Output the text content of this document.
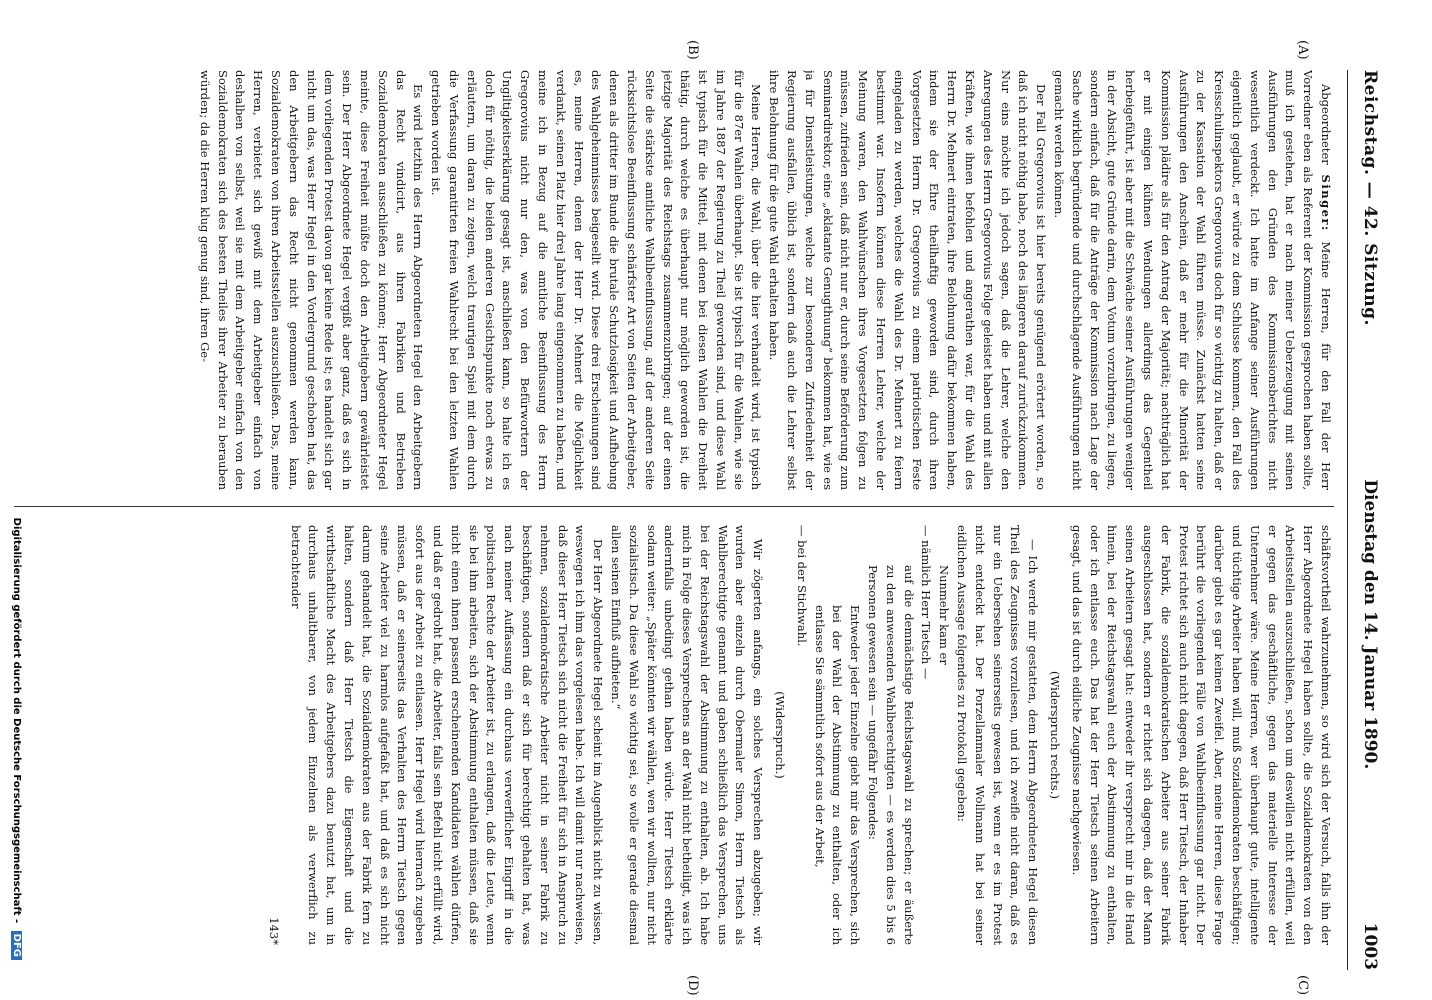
Reichstag. — 42. Sitzung.
Dienstag den 14. Januar 1890.
1003
(A)
(B)
(C)
(D)

Abgeordneter Singer: Meine Herren, für den Fall der Herr Vorredner eben als Referent der Kommission gesprochen haben sollte, muß ich gestehen, hat er nach meiner Ueberzeugung mit seinen Ausführungen den Gründen des Kommissionsberichtes nicht wesentlich verdeckt. Ich hatte im Anfange seiner Ausführungen eigentlich geglaubt, er würde zu dem Schlusse kommen, den Fall des Kreisschulinspektors Gregorovius doch für so wichtig zu halten, daß er zu der Kassation der Wahl führen müsse. Zunächst hatten seine Ausführungen den Anschein, daß er mehr für die Minorität der Kommission plädire als für den Antrag der Majorität; nachträglich hat er mit einigen kühnen Wendungen allerdings das Gegentheil herbeigeführt, ist aber mit die Schwäche seiner Ausführungen weniger in der Absicht, gute Gründe darin, dem Votum vorzubringen, zu liegen, sondern einfach, daß für die Anträge der Kommission nach Lage der Sache wirklich begründende und durchschlagende Ausführungen nicht gemacht werden können.

Der Fall Gregorovius ist hier bereits genügend erörtert worden, so daß ich nicht nöthig habe, noch des längeren darauf zurückzukommen. Nur eins möchte ich jedoch sagen, daß die Lehrer, welche den Anregungen des Herrn Gregorovius Folge geleistet haben und mit allen Kräften, wie ihnen befohlen und angerathen war, für die Wahl des Herrn Dr. Mehnert eintraten, ihre Belohnung dafür bekommen haben, indem sie der Ehre theilhaftig geworden sind, durch ihren Vorgesetzten Herrn Dr. Gregorovius zu einem patriotischen Feste eingeladen zu werden, welches die Wahl des Dr. Mehnert zu feiern bestimmt war. Insofern können diese Herren Lehrer, welche der Meinung waren, den Wahlwünschen ihres Vorgesetzten folgen zu müssen, zufrieden sein, daß nicht nur er, durch seine Beförderung zum Seminardirektor, eine „eklatante Genugthuung“ bekommen hat, wie es ja für Dienstleistungen, welche zur besonderen Zufriedenheit der Regierung ausfallen, üblich ist, sondern daß auch die Lehrer selbst ihre Belohnung für die gute Wahl erhalten haben.

Meine Herren, die Wahl, über die hier verhandelt wird, ist typisch für die 87er Wahlen überhaupt. Sie ist typisch für die Wahlen, wie sie im Jahre 1887 der Regierung zu Theil geworden sind, und diese Wahl ist typisch für die Mittel, mit denen bei diesen Wahlen die Dreiheit thätig, durch welche es überhaupt nur möglich geworden ist, die jetzige Majorität des Reichstags zusammenzubringen; auf der einen Seite die stärkste amtliche Wahlbeeinflussung, auf der anderen Seite rücksichtslose Beeinflussung schärfster Art von Seiten der Arbeitgeber, denen als dritter im Bunde die brutale Schutzlosigkeit und Aufhebung des Wahlgeheimnisses beigesellt wird. Diese drei Erscheinungen sind es, meine Herren, denen der Herr Dr. Mehnert die Möglichkeit verdankt, seinen Platz hier drei Jahre lang eingenommen zu haben, und meine ich in Bezug auf die amtliche Beeinflussung des Herrn Gregorovius nicht nur den, was von den Befürwortern der Ungiltigkeitserklärung gesagt ist, anschließen kann, so halte ich es doch für nöthig, die beiden anderen Gesichtspunkte noch etwas zu erläutern, um daran zu zeigen, welch traurigen Spiel mit dem durch die Verfassung garantirten freien Wahlrecht bei den letzten Wahlen getrieben worden ist.

Es wird letzthin des Herrn Abgeordneten Hegel den Arbeitgebern das Recht vindicirt, aus ihren Fabriken und Betrieben Sozialdemokraten ausschließen zu können; Herr Abgeordneter Hegel meinte, diese Freiheit müßte doch den Arbeitgebern gewährleistet sein. Der Herr Abgeordnete Hegel vergißt aber ganz, daß es sich in dem vorliegenden Protest davon gar keine Rede ist; es handelt sich gar nicht um das, was Herr Hegel in den Vordergrund geschoben hat, das den Arbeitgebern das Recht nicht genommen werden kann, Sozialdemokraten von ihren Arbeitsstellen auszuschließen. Das, meine Herren, verbietet sich gewiß mit dem Arbeitgeber einfach von deshalben von selbst, weil sie mit dem Arbeitgeber einfach von den Sozialdemokraten sich des besten Theiles ihrer Arbeiter zu berauben würden; da die Herren klug genug sind, ihren Ge-

schäftsvortheil wahrzunehmen, so wird sich der Versuch, falls ihn der Herr Abgeordnete Hegel haben sollte, die Sozialdemokraten von den Arbeitsstellen auszuschließen, schon um deswillen nicht erfüllen, weil er gegen das geschäftliche, gegen das materielle Interesse der Unternehmer wäre. Meine Herren, wer überhaupt gute, intelligente und tüchtige Arbeiter haben will, muß Sozialdemokraten beschäftigen; darüber giebt es gar keinen Zweifel. Aber, meine Herren, diese Frage berührt die vorliegenden Fälle von Wahlbeeinflussung gar nicht. Der Protest richtet sich auch nicht dagegen, daß Herr Tietsch, der Inhaber der Fabrik, die sozialdemokratischen Arbeiter aus seiner Fabrik ausgeschlossen hat, sondern er richtet sich dagegen, daß der Mann seinen Arbeitern gesagt hat: entweder ihr versprecht mir in die Hand hinein, bei der Reichstagswahl euch der Abstimmung zu enthalten, oder ich entlasse euch. Das hat der Herr Tietsch seinen Arbeitern gesagt, und das ist durch eidliche Zeugnisse nachgewiesen.

(Widerspruch rechts.)

— Ich werde mir gestatten, dem Herrn Abgeordneten Hegel diesen Theil des Zeugnisses vorzulesen, und ich zweifle nicht daran, daß es nur ein Uebersehen seinerseits gewesen ist, wenn er es im Protest nicht entdeckt hat. Der Porzellanmaler Wollmann hat bei seiner eidlichen Aussage folgendes zu Protokoll gegeben:

Nunmehr kam er

— nämlich Herr Tietsch —

auf die demnächstige Reichstagswahl zu sprechen; er äußerte zu den anwesenden Wahlberechtigten — es werden dies 5 bis 6 Personen gewesen sein — ungefähr Folgendes:

Entweder jeder Einzelne giebt mir das Versprechen, sich bei der Wahl der Abstimmung zu enthalten, oder ich entlasse Sie sämmtlich sofort aus der Arbeit,

— bei der Stichwahl.

(Widerspruch.)

Wir zögerten anfangs, ein solches Versprechen abzugeben; wir wurden aber einzeln durch Obermaler Simon, Herrn Tietsch als Wahlberechtigte genannt und gaben schließlich das Versprechen, uns bei der Reichstagswahl der Abstimmung zu enthalten, ab. Ich habe mich in Folge dieses Versprechens an der Wahl nicht betheiligt, was ich andernfalls unbedingt gethan haben würde. Herr Tietsch erklärte sodann weiter: „Später könnten wir wählen, wen wir wollten, nur nicht sozialistisch. Da diese Wahl so wichtig sei, so wolle er gerade diesmal allen seinen Einfluß aufbieten.“

Der Herr Abgeordnete Hegel scheint im Augenblick nicht zu wissen, weswegen ich ihm das vorgelesen habe. Ich will damit nur nachweisen, daß dieser Herr Tietsch sich nicht die Freiheit für sich in Anspruch zu nehmen, sozialdemokratische Arbeiter nicht in seiner Fabrik zu beschäftigen, sondern daß er sich für berechtigt gehalten hat, was nach meiner Auffassung ein durchaus verwerflicher Eingriff in die politischen Rechte der Arbeiter ist, zu erlangen, daß die Leute, wenn sie bei ihm arbeiten, sich der Abstimmung enthalten müssen, daß sie nicht einen ihnen passend erscheinenden Kandidaten wählen dürfen, und daß er gedroht hat, die Arbeiter, falls sein Befehl nicht erfüllt wird, sofort aus der Arbeit zu entlassen. Herr Hegel wird hiernach zugeben müssen, daß er seinerseits das Verhalten des Herrn Tietsch gegen seine Arbeiter viel zu harmlos aufgefaßt hat, und daß es sich nicht darum gehandelt hat, die Sozialdemokraten aus der Fabrik fern zu halten, sondern daß Herr Tietsch die Eigenschaft und die wirthschaftliche Macht des Arbeitgebers dazu benutzt hat, um in durchaus unhaltbarer, von jedem Einzelnen als verwerflich zu betrachtender

143*

Digitalisierung gefördert durch die Deutsche Forschungsgemeinschaft - DFG
